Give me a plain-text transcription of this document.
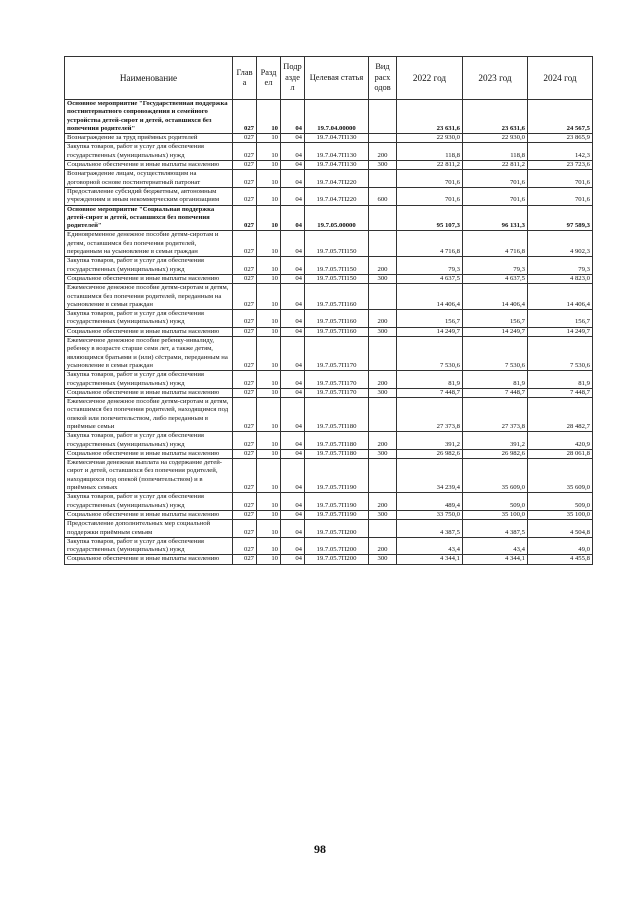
Наименование	Глав а	Разд ел	Подр азде л	Целевая статья	Вид расх одов	2022 год	2023 год	2024 год
Основное мероприятие "Государственная поддержка постинтернатного сопровождения и семейного устройства детей-сирот и детей, оставшихся без попечения родителей"	027	10	04	19.7.04.00000		23 631,6	23 631,6	24 567,5
Вознаграждение за труд приёмных родителей	027	10	04	19.7.04.7П130		22 930,0	22 930,0	23 865,9
Закупка товаров, работ и услуг для обеспечения государственных (муниципальных) нужд	027	10	04	19.7.04.7П130	200	118,8	118,8	142,3
Социальное обеспечение и иные выплаты населению	027	10	04	19.7.04.7П130	300	22 811,2	22 811,2	23 723,6
Вознаграждение лицам, осуществляющим на договорной основе постинтернатный патронат	027	10	04	19.7.04.7П220		701,6	701,6	701,6
Предоставление субсидий бюджетным, автономным учреждениям и иным некоммерческим организациям	027	10	04	19.7.04.7П220	600	701,6	701,6	701,6
Основное мероприятие "Социальная поддержка детей-сирот и детей, оставшихся без попечения родителей"	027	10	04	19.7.05.00000		95 107,3	96 131,3	97 589,3
Единовременное денежное пособие детям-сиротам и детям, оставшимся без попечения родителей, переданным на усыновление в семьи граждан	027	10	04	19.7.05.7П150		4 716,8	4 716,8	4 902,3
Закупка товаров, работ и услуг для обеспечения государственных (муниципальных) нужд	027	10	04	19.7.05.7П150	200	79,3	79,3	79,3
Социальное обеспечение и иные выплаты населению	027	10	04	19.7.05.7П150	300	4 637,5	4 637,5	4 823,0
Ежемесячное денежное пособие детям-сиротам и детям, оставшимся без попечения родителей, переданным на усыновление в семьи граждан	027	10	04	19.7.05.7П160		14 406,4	14 406,4	14 406,4
Закупка товаров, работ и услуг для обеспечения государственных (муниципальных) нужд	027	10	04	19.7.05.7П160	200	156,7	156,7	156,7
Социальное обеспечение и иные выплаты населению	027	10	04	19.7.05.7П160	300	14 249,7	14 249,7	14 249,7
Ежемесячное денежное пособие ребенку-инвалиду, ребенку в возрасте старше семи лет, а также детям, являющимся братьями и (или) сёстрами, переданным на усыновление в семьи граждан	027	10	04	19.7.05.7П170		7 530,6	7 530,6	7 530,6
Закупка товаров, работ и услуг для обеспечения государственных (муниципальных) нужд	027	10	04	19.7.05.7П170	200	81,9	81,9	81,9
Социальное обеспечение и иные выплаты населению	027	10	04	19.7.05.7П170	300	7 448,7	7 448,7	7 448,7
Ежемесячное денежное пособие детям-сиротам и детям, оставшимся без попечения родителей, находящимся под опекой или попечительством, либо переданным в приёмные семьи	027	10	04	19.7.05.7П180		27 373,8	27 373,8	28 482,7
Закупка товаров, работ и услуг для обеспечения государственных (муниципальных) нужд	027	10	04	19.7.05.7П180	200	391,2	391,2	420,9
Социальное обеспечение и иные выплаты населению	027	10	04	19.7.05.7П180	300	26 982,6	26 982,6	28 061,8
Ежемесячная денежная выплата на содержание детей-сирот и детей, оставшихся без попечения родителей, находящихся под опекой (попечительством) и в приёмных семьях	027	10	04	19.7.05.7П190		34 239,4	35 609,0	35 609,0
Закупка товаров, работ и услуг для обеспечения государственных (муниципальных) нужд	027	10	04	19.7.05.7П190	200	489,4	509,0	509,0
Социальное обеспечение и иные выплаты населению	027	10	04	19.7.05.7П190	300	33 750,0	35 100,0	35 100,0
Предоставление дополнительных мер социальной поддержки приёмным семьям	027	10	04	19.7.05.7П200		4 387,5	4 387,5	4 504,8
Закупка товаров, работ и услуг для обеспечения государственных (муниципальных) нужд	027	10	04	19.7.05.7П200	200	43,4	43,4	49,0
Социальное обеспечение и иные выплаты населению	027	10	04	19.7.05.7П200	300	4 344,1	4 344,1	4 455,8
98
